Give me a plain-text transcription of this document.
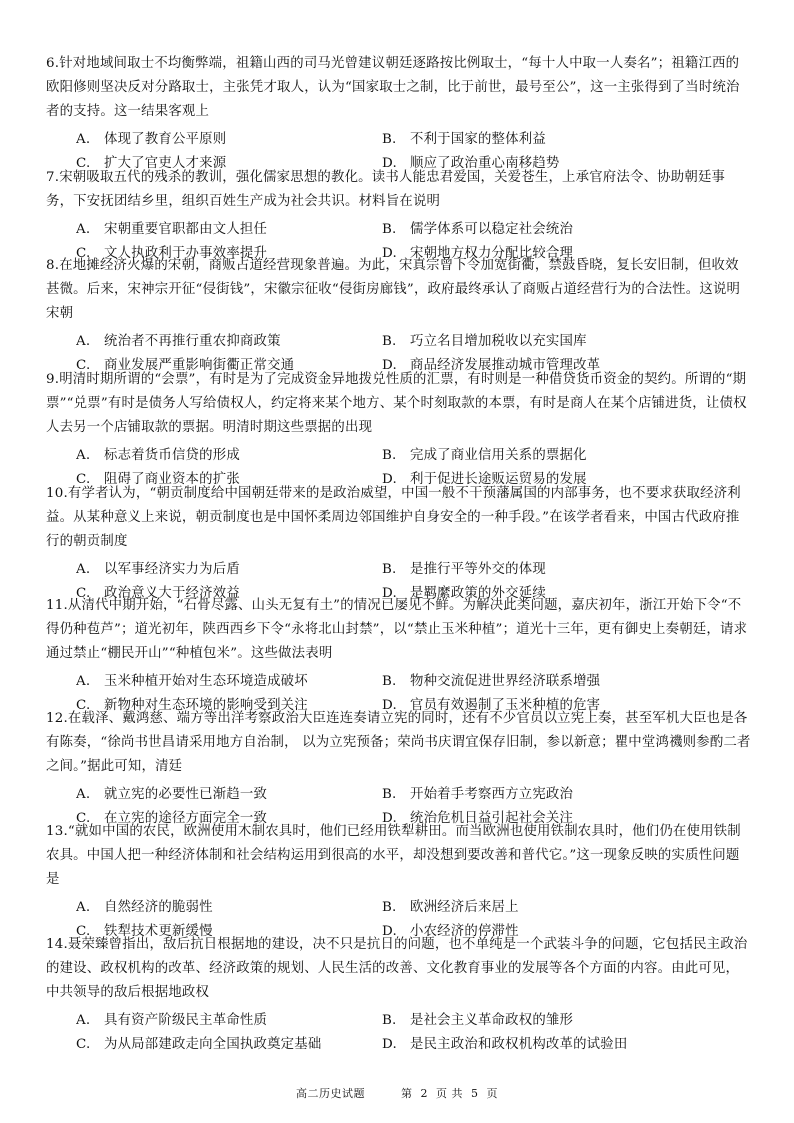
6.针对地域间取士不均衡弊端，祖籍山西的司马光曾建议朝廷逐路按比例取士，“每十人中取一人奏名”；祖籍江西的欧阳修则坚决反对分路取士，主张凭才取人，认为“国家取士之制，比于前世，最号至公”，这一主张得到了当时统治者的支持。这一结果客观上
A.	体现了教育公平原则	B.	不利于国家的整体利益
C.	扩大了官吏人才来源	D. 顺应了政治重心南移趋势
7.宋朝吸取五代的残杀的教训，强化儒家思想的教化。读书人能忠君爱国，关爱苍生，上承官府法令、协助朝廷事务，下安抚团结乡里，组织百姓生产成为社会共识。材料旨在说明
A.	宋朝重要官职都由文人担任	B.	儒学体系可以稳定社会统治
C.	文人执政利于办事效率提升	D. 宋朝地方权力分配比较合理
8.在地摊经济火爆的宋朝，商贩占道经营现象普遍。为此，宋真宗曾下令加宽街衢，禁鼓昏晓，复长安旧制，但收效甚微。后来，宋神宗开征“侵街钱”，宋徽宗征收“侵街房廊钱”，政府最终承认了商贩占道经营行为的合法性。这说明宋朝
A.	统治者不再推行重农抑商政策	B.	巧立名目增加税收以充实国库
C.	商业发展严重影响街衢正常交通	D. 商品经济发展推动城市管理改革
9.明清时期所谓的“会票”，有时是为了完成资金异地拨兑性质的汇票，有时则是一种借贷货币资金的契约。所谓的“期票”“兑票”有时是债务人写给债权人，约定将来某个地方、某个时刻取款的本票，有时是商人在某个店铺进货，让债权人去另一个店铺取款的票据。明清时期这些票据的出现
A.	标志着货币信贷的形成	B.	完成了商业信用关系的票据化
C.	阻碍了商业资本的扩张	D. 利于促进长途贩运贸易的发展
10.有学者认为，“朝贡制度给中国朝廷带来的是政治威望，中国一般不干预藩属国的内部事务，也不要求获取经济利益。从某种意义上来说，朝贡制度也是中国怀柔周边邻国维护自身安全的一种手段。”在该学者看来，中国古代政府推行的朝贡制度
A.	以军事经济实力为后盾	B.	是推行平等外交的体现
C.	政治意义大于经济效益	D. 是羁縻政策的外交延续
11.从清代中期开始，“石骨尽露、山头无复有土”的情况已屡见不鲜。为解决此类问题，嘉庆初年，浙江开始下令“不得仍种苞芦”；道光初年，陕西西乡下令“永将北山封禁”，以“禁止玉米种植”；道光十三年，更有御史上奏朝廷，请求通过禁止“棚民开山”“种植包米”。这些做法表明
A.	玉米种植开始对生态环境造成破坏	B.	物种交流促进世界经济联系增强
C.	新物种对生态环境的影响受到关注	D. 官员有效遏制了玉米种植的危害
12.在载泽、戴鸿慈、端方等出洋考察政治大臣连连奏请立宪的同时，还有不少官员以立宪上奏，甚至军机大臣也是各有陈奏，“徐尚书世昌请采用地方自治制， 以为立宪预备；荣尚书庆谓宜保存旧制，参以新意；瞿中堂鸿禨则参酌二者之间。”据此可知，清廷
A.	就立宪的必要性已渐趋一致	B.	开始着手考察西方立宪政治
C.	在立宪的途径方面完全一致	D. 统治危机日益引起社会关注
13.“就如中国的农民，欧洲使用木制农具时，他们已经用铁犁耕田。而当欧洲也使用铁制农具时，他们仍在使用铁制农具。中国人把一种经济体制和社会结构运用到很高的水平，却没想到要改善和普代它。”这一现象反映的实质性问题是
A.	自然经济的脆弱性	B.	欧洲经济后来居上
C.	铁犁技术更新缓慢	D. 小农经济的停滞性
14.聂荣臻曾指出，敌后抗日根据地的建设，决不只是抗日的问题，也不单纯是一个武装斗争的问题，它包括民主政治的建设、政权机构的改革、经济政策的规划、人民生活的改善、文化教育事业的发展等各个方面的内容。由此可见，中共领导的敌后根据地政权
A.	具有资产阶级民主革命性质	B.	是社会主义革命政权的雏形
C.	为从局部建政走向全国执政奠定基础	D. 是民主政治和政权机构改革的试验田
高二历史试题	第 2 页 共 5 页
